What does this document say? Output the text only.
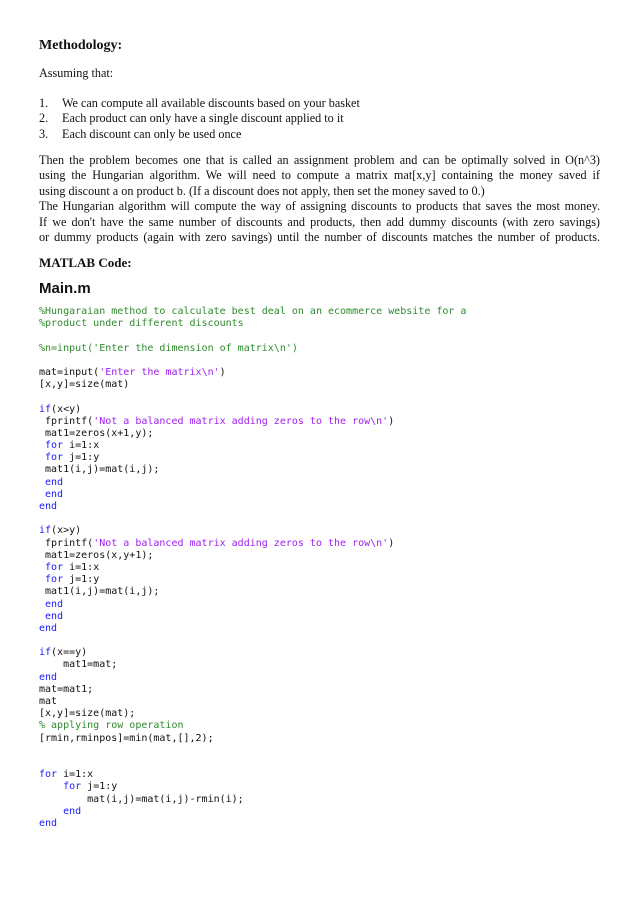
Methodology:
Assuming that:
1. We can compute all available discounts based on your basket
2. Each product can only have a single discount applied to it
3. Each discount can only be used once
Then the problem becomes one that is called an assignment problem and can be optimally solved in O(n^3)
using the Hungarian algorithm. We will need to compute a matrix mat[x,y] containing the money saved if
using discount a on product b. (If a discount does not apply, then set the money saved to 0.)
The Hungarian algorithm will compute the way of assigning discounts to products that saves the most money.
If we don't have the same number of discounts and products, then add dummy discounts (with zero savings)
or dummy products (again with zero savings) until the number of discounts matches the number of products.
MATLAB Code:
Main.m
%Hungaraian method to calculate best deal on an ecommerce website for a
%product under different discounts
%n=input('Enter the dimension of matrix\n')
mat=input('Enter the matrix\n')
[x,y]=size(mat)
if(x<y)
fprintf('Not a balanced matrix adding zeros to the row\n')
mat1=zeros(x+1,y);
for i=1:x
for j=1:y
mat1(i,j)=mat(i,j);
end
end
end
if(x>y)
fprintf('Not a balanced matrix adding zeros to the row\n')
mat1=zeros(x,y+1);
for i=1:x
for j=1:y
mat1(i,j)=mat(i,j);
end
end
end
if(x==y)
mat1=mat;
end
mat=mat1;
mat
[x,y]=size(mat);
% applying row operation
[rmin,rminpos]=min(mat,[],2);
for i=1:x
for j=1:y
mat(i,j)=mat(i,j)-rmin(i);
end
end
